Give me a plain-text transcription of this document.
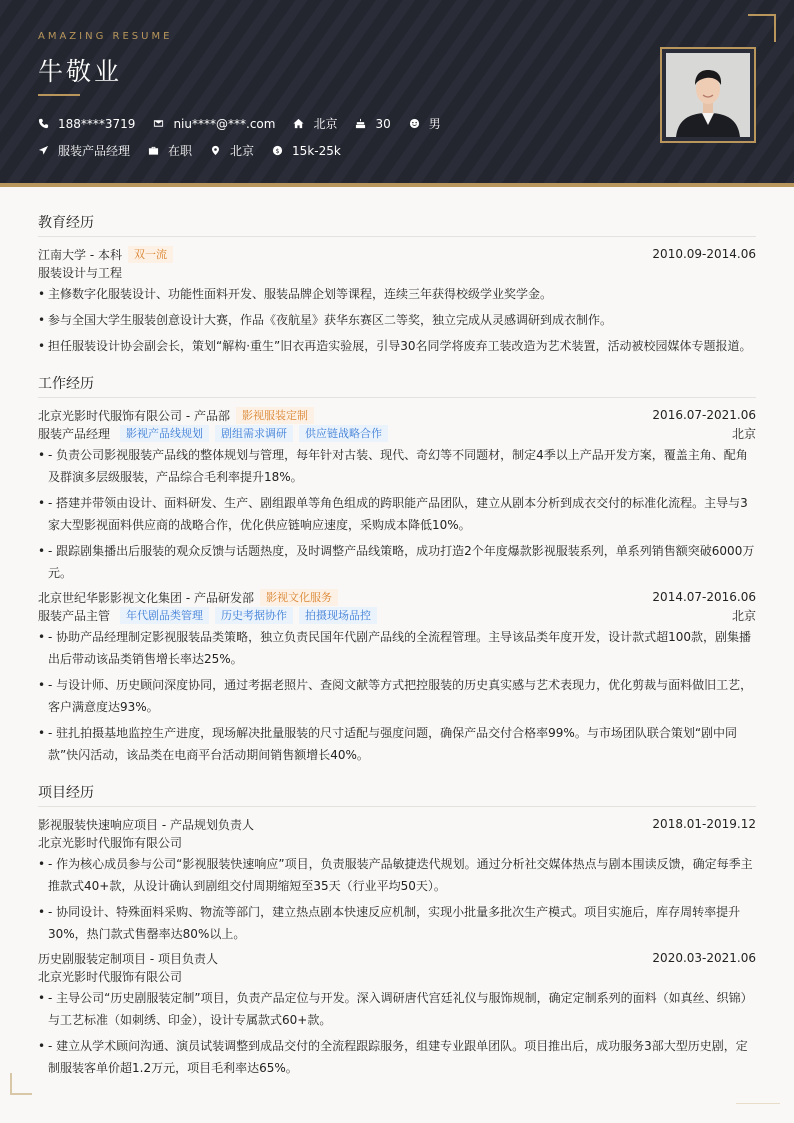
AMAZING RESUME
牛敬业
188****3719	niu****@***.com	北京	30	男
服装产品经理	在职	北京	$ 15k-25k
教育经历
江南大学 - 本科	双一流	2010.09-2014.06
服装设计与工程
• 主修数字化服装设计、功能性面料开发、服装品牌企划等课程，连续三年获得校级学业奖学金。
• 参与全国大学生服装创意设计大赛，作品《夜航星》获华东赛区二等奖，独立完成从灵感调研到成衣制作。
• 担任服装设计协会副会长，策划“解构·重生”旧衣再造实验展，引导30名同学将废弃工装改造为艺术装置，活动被校园媒体专题报道。
工作经历
北京光影时代服饰有限公司 - 产品部	影视服装定制	2016.07-2021.06
服装产品经理	影视产品线规划	剧组需求调研	供应链战略合作	北京
• - 负责公司影视服装产品线的整体规划与管理，每年针对古装、现代、奇幻等不同题材，制定4季以上产品开发方案，覆盖主角、配角及群演多层级服装，产品综合毛利率提升18%。
• - 搭建并带领由设计、面料研发、生产、剧组跟单等角色组成的跨职能产品团队，建立从剧本分析到成衣交付的标准化流程。主导与3家大型影视面料供应商的战略合作，优化供应链响应速度，采购成本降低10%。
• - 跟踪剧集播出后服装的观众反馈与话题热度，及时调整产品线策略，成功打造2个年度爆款影视服装系列，单系列销售额突破6000万元。
北京世纪华影影视文化集团 - 产品研发部	影视文化服务	2014.07-2016.06
服装产品主管	年代剧品类管理	历史考据协作	拍摄现场品控	北京
• - 协助产品经理制定影视服装品类策略，独立负责民国年代剧产品线的全流程管理。主导该品类年度开发，设计款式超100款，剧集播出后带动该品类销售增长率达25%。
• - 与设计师、历史顾问深度协同，通过考据老照片、查阅文献等方式把控服装的历史真实感与艺术表现力，优化剪裁与面料做旧工艺，客户满意度达93%。
• - 驻扎拍摄基地监控生产进度，现场解决批量服装的尺寸适配与强度问题，确保产品交付合格率99%。与市场团队联合策划“剧中同款”快闪活动，该品类在电商平台活动期间销售额增长40%。
项目经历
影视服装快速响应项目 - 产品规划负责人	2018.01-2019.12
北京光影时代服饰有限公司
• - 作为核心成员参与公司“影视服装快速响应”项目，负责服装产品敏捷迭代规划。通过分析社交媒体热点与剧本围读反馈，确定每季主推款式40+款，从设计确认到剧组交付周期缩短至35天（行业平均50天）。
• - 协同设计、特殊面料采购、物流等部门，建立热点剧本快速反应机制，实现小批量多批次生产模式。项目实施后，库存周转率提升30%，热门款式售罄率达80%以上。
历史剧服装定制项目 - 项目负责人	2020.03-2021.06
北京光影时代服饰有限公司
• - 主导公司“历史剧服装定制”项目，负责产品定位与开发。深入调研唐代宫廷礼仪与服饰规制，确定定制系列的面料（如真丝、织锦）与工艺标准（如刺绣、印金），设计专属款式60+款。
• - 建立从学术顾问沟通、演员试装调整到成品交付的全流程跟踪服务，组建专业跟单团队。项目推出后，成功服务3部大型历史剧，定制服装客单价超1.2万元，项目毛利率达65%。
